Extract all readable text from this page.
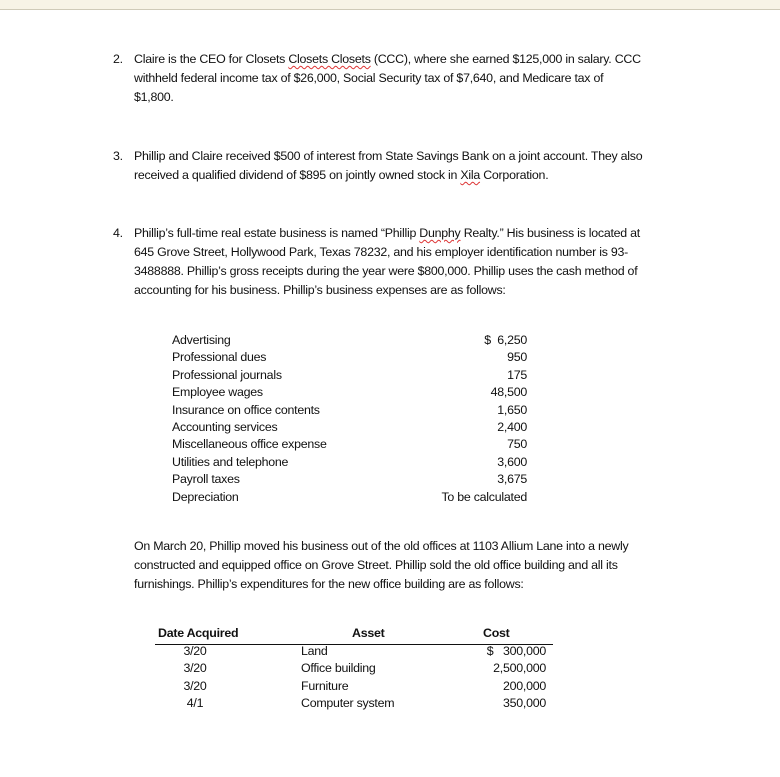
2. Claire is the CEO for Closets Closets Closets (CCC), where she earned $125,000 in salary. CCC
withheld federal income tax of $26,000, Social Security tax of $7,640, and Medicare tax of
$1,800.
3. Phillip and Claire received $500 of interest from State Savings Bank on a joint account. They also
received a qualified dividend of $895 on jointly owned stock in Xila Corporation.
4. Phillip’s full-time real estate business is named “Phillip Dunphy Realty.” His business is located at
645 Grove Street, Hollywood Park, Texas 78232, and his employer identification number is 93-
3488888. Phillip’s gross receipts during the year were $800,000. Phillip uses the cash method of
accounting for his business. Phillip’s business expenses are as follows:
Advertising	$  6,250
Professional dues	950
Professional journals	175
Employee wages	48,500
Insurance on office contents	1,650
Accounting services	2,400
Miscellaneous office expense	750
Utilities and telephone	3,600
Payroll taxes	3,675
Depreciation	To be calculated
On March 20, Phillip moved his business out of the old offices at 1103 Allium Lane into a newly
constructed and equipped office on Grove Street. Phillip sold the old office building and all its
furnishings. Phillip’s expenditures for the new office building are as follows:
Date Acquired	Asset	Cost
3/20	Land	$   300,000
3/20	Office building	2,500,000
3/20	Furniture	200,000
4/1	Computer system	350,000
